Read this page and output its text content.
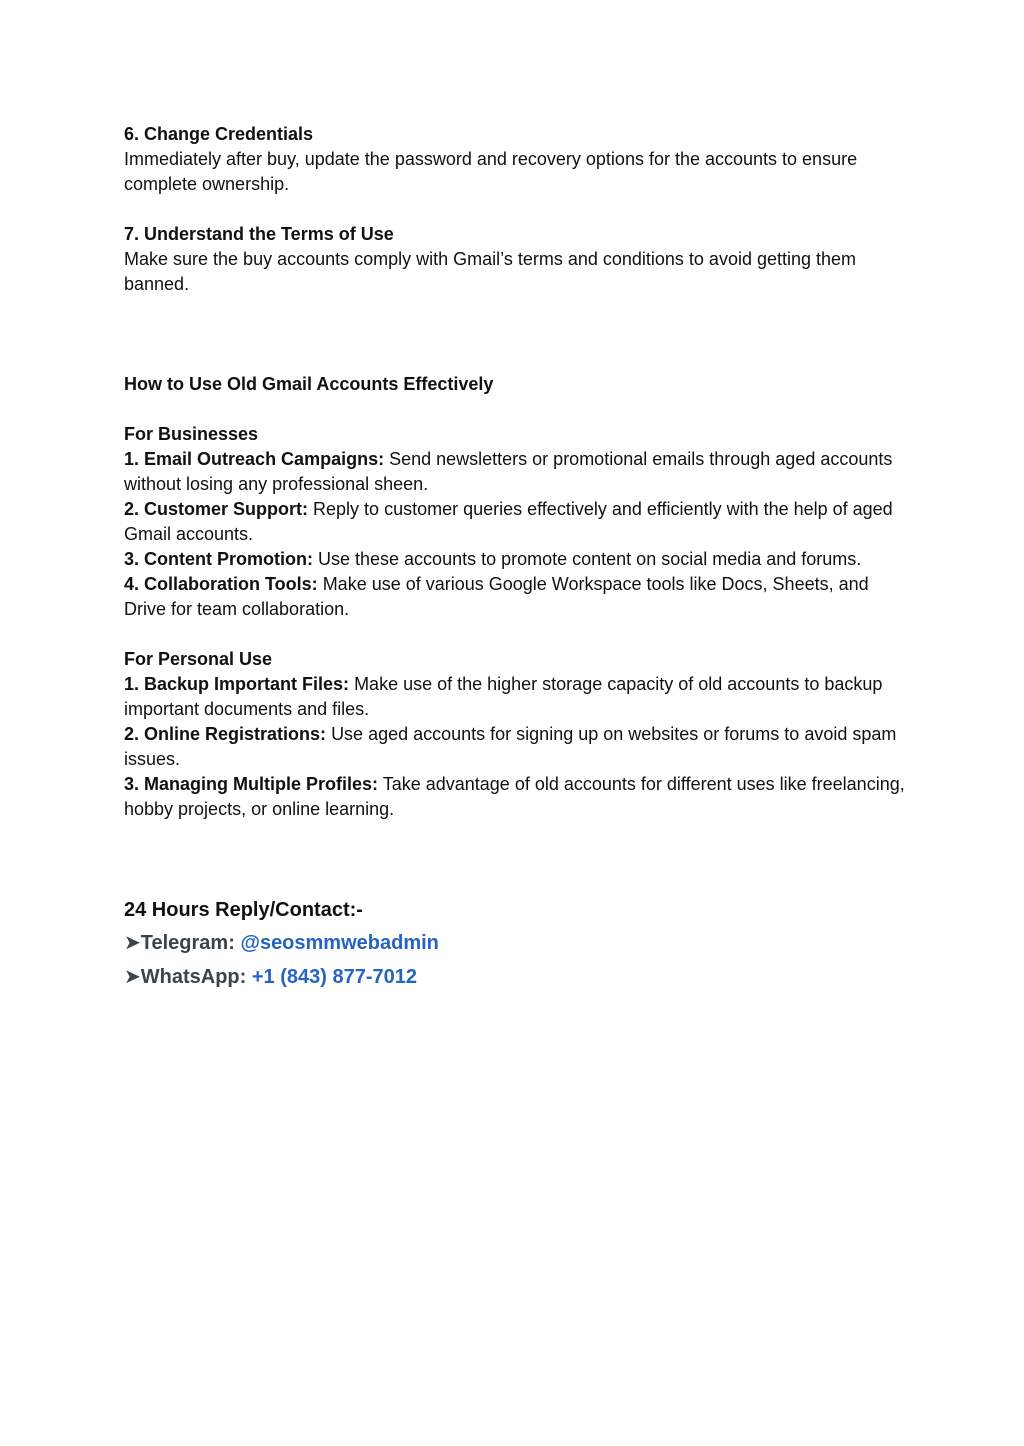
6. Change Credentials
Immediately after buy, update the password and recovery options for the accounts to ensure complete ownership.

7. Understand the Terms of Use
Make sure the buy accounts comply with Gmail’s terms and conditions to avoid getting them banned.

How to Use Old Gmail Accounts Effectively

For Businesses
1. Email Outreach Campaigns: Send newsletters or promotional emails through aged accounts without losing any professional sheen.
2. Customer Support: Reply to customer queries effectively and efficiently with the help of aged Gmail accounts.
3. Content Promotion: Use these accounts to promote content on social media and forums.
4. Collaboration Tools: Make use of various Google Workspace tools like Docs, Sheets, and Drive for team collaboration.
For Personal Use
1. Backup Important Files: Make use of the higher storage capacity of old accounts to backup important documents and files.
2. Online Registrations: Use aged accounts for signing up on websites or forums to avoid spam issues.
3. Managing Multiple Profiles: Take advantage of old accounts for different uses like freelancing, hobby projects, or online learning.
24 Hours Reply/Contact:-
➤Telegram: @seosmmwebadmin
➤WhatsApp: +1 (843) 877-7012
